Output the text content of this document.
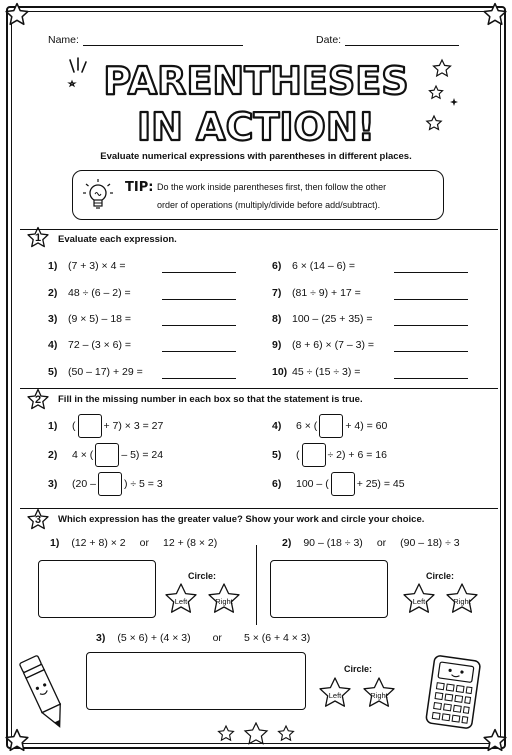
Name:	Date:
PARENTHESES
IN ACTION!
Evaluate numerical expressions with parentheses in different places.
TIP: Do the work inside parentheses first, then follow the other
order of operations (multiply/divide before add/subtract).
1	Evaluate each expression.
1) (7 + 3) × 4 =
2) 48 ÷ (6 – 2) =
3) (9 × 5) – 18 =
4) 72 – (3 × 6) =
5) (50 – 17) + 29 =
6) 6 × (14 – 6) =
7) (81 ÷ 9) + 17 =
8) 100 – (25 + 35) =
9) (8 + 6) × (7 – 3) =
10) 45 ÷ (15 ÷ 3) =
2	Fill in the missing number in each box so that the statement is true.
1)	(	+ 7) × 3 = 27
2)	4 × (	– 5) = 24
3)	(20 –	) ÷ 5 = 3
4)	6 × (	+ 4) = 60
5)	(	÷ 2) + 6 = 16
6)	100 – (	+ 25) = 45
3	Which expression has the greater value? Show your work and circle your choice.
1) (12 + 8) × 2 or 12 + (8 × 2)
Circle:
Left	Right
2) 90 – (18 ÷ 3) or (90 – 18) ÷ 3
Circle:
Left	Right
3) (5 × 6) + (4 × 3) or 5 × (6 + 4 × 3)
Circle:
Left	Right
